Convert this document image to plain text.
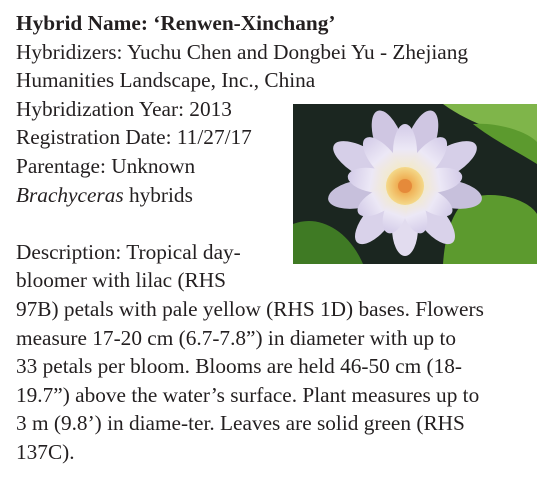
Hybrid Name: ‘Renwen-Xinchang’
Hybridizers: Yuchu Chen and Dongbei Yu - Zhejiang
Humanities Landscape, Inc., China
Hybridization Year: 2013
Registration Date: 11/27/17
Parentage: Unknown
Brachyceras hybrids
Description: Tropical day-
bloomer with lilac (RHS
97B) petals with pale yellow (RHS 1D) bases. Flowers
measure 17-20 cm (6.7-7.8”) in diameter with up to
33 petals per bloom. Blooms are held 46-50 cm (18-
19.7”) above the water’s surface. Plant measures up to
3 m (9.8’) in diame-ter. Leaves are solid green (RHS
137C).
